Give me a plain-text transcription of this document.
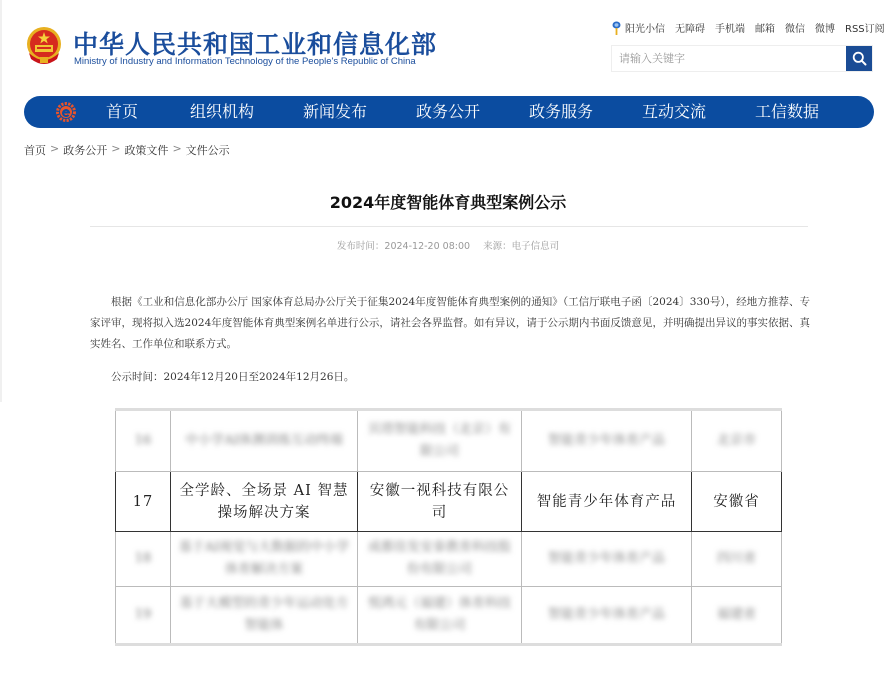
中华人民共和国工业和信息化部
Ministry of Industry and Information Technology of the People's Republic of China
阳光小信 无障碍 手机端 邮箱 微信 微博 RSS订阅
请输入关键字
首页	组织机构	新闻发布	政务公开	政务服务	互动交流	工信数据
首页 > 政务公开 > 政策文件 > 文件公示
2024年度智能体育典型案例公示
发布时间：2024-12-20 08:00 来源：电子信息司

根据《工业和信息化部办公厅 国家体育总局办公厅关于征集2024年度智能体育典型案例的通知》（工信厅联电子函〔2024〕330号），经地方推荐、专家评审，现将拟入选2024年度智能体育典型案例名单进行公示，请社会各界监督。如有异议，请于公示期内书面反馈意见，并明确提出异议的事实依据、真实姓名、工作单位和联系方式。

公示时间：2024年12月20日至2024年12月26日。
16	中小学AI体测训练互动终端	贝塔智能科技（北京）有限公司	智能青少年体育产品	北京市
17	全学龄、全场景 AI 智慧操场解决方案	安徽一视科技有限公司	智能青少年体育产品	安徽省
18	基于AI视觉与大数据的中小学体育解决方案	成都佳发安泰教育科技股份有限公司	智能青少年体育产品	四川省
19	基于大模型的青少年运动处方智能体	悦鸿元（福建）体育科技有限公司	智能青少年体育产品	福建省
